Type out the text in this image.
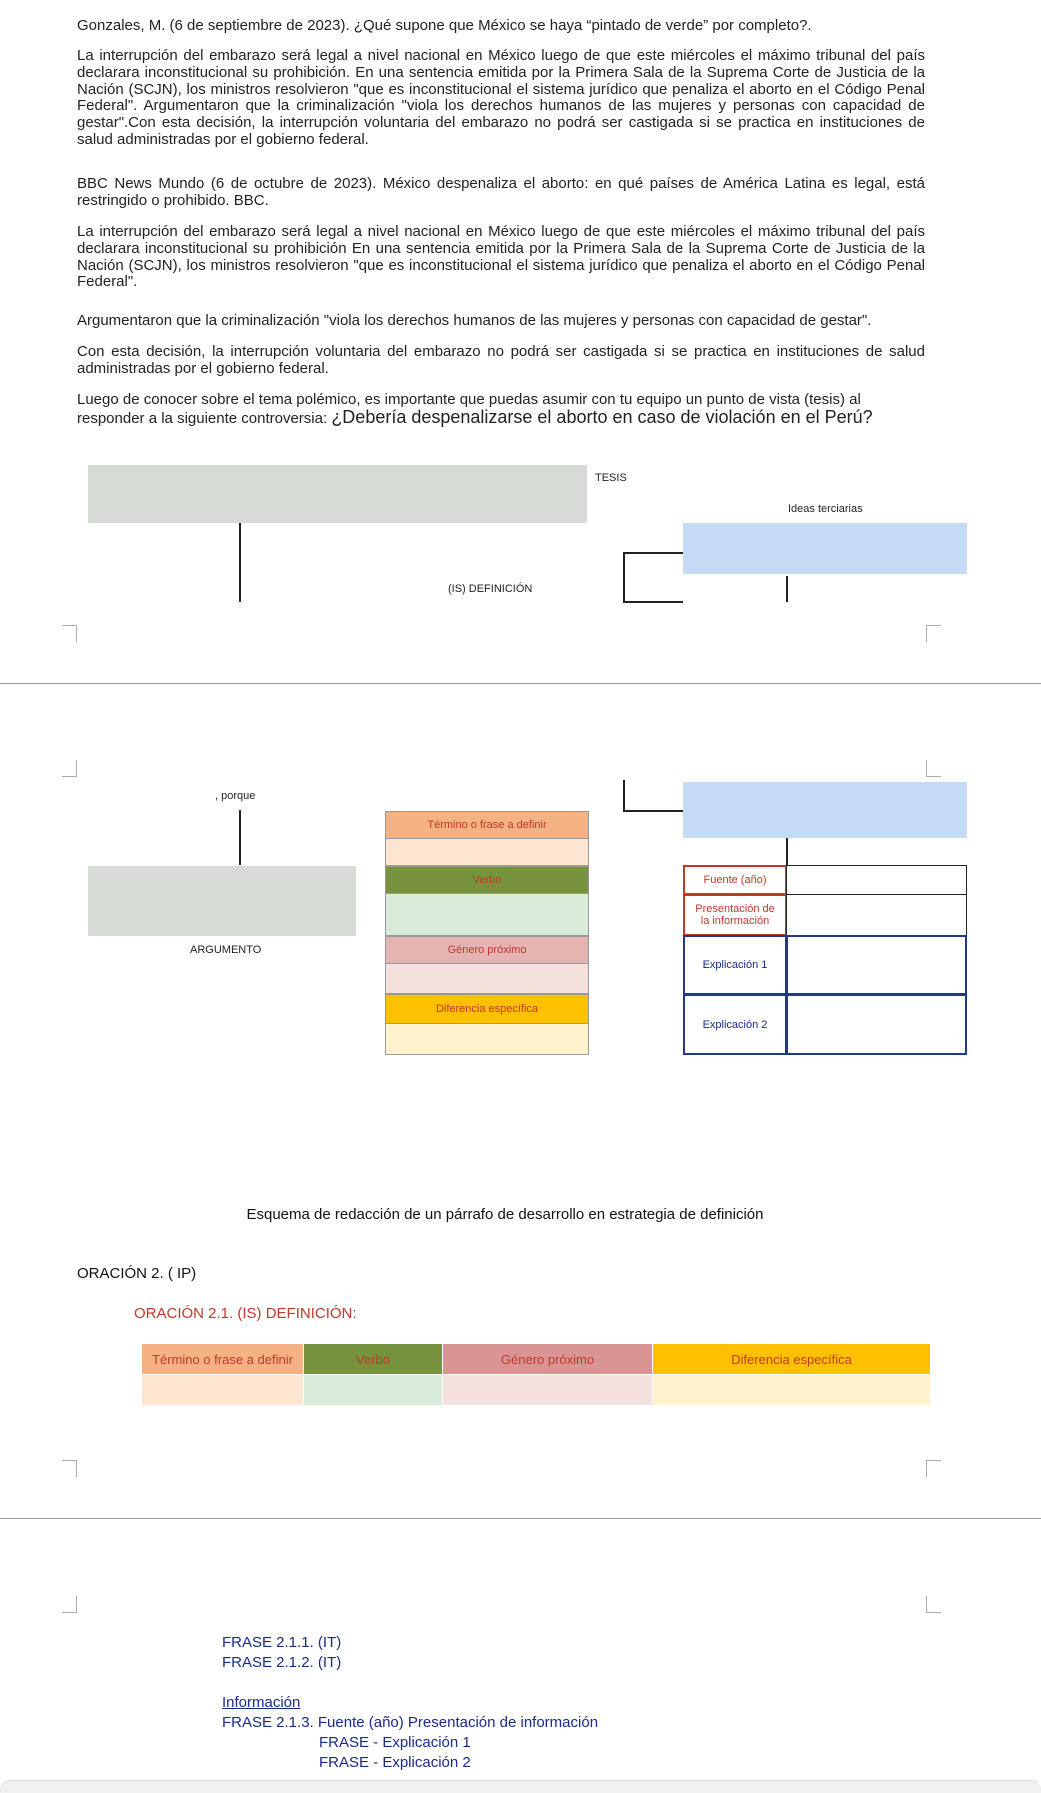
Gonzales, M. (6 de septiembre de 2023). ¿Qué supone que México se haya “pintado de verde” por completo?.
La interrupción del embarazo será legal a nivel nacional en México luego de que este miércoles el máximo tribunal del país declarara inconstitucional su prohibición. En una sentencia emitida por la Primera Sala de la Suprema Corte de Justicia de la Nación (SCJN), los ministros resolvieron "que es inconstitucional el sistema jurídico que penaliza el aborto en el Código Penal Federal". Argumentaron que la criminalización "viola los derechos humanos de las mujeres y personas con capacidad de gestar".Con esta decisión, la interrupción voluntaria del embarazo no podrá ser castigada si se practica en instituciones de salud administradas por el gobierno federal.
BBC News Mundo (6 de octubre de 2023). México despenaliza el aborto: en qué países de América Latina es legal, está restringido o prohibido. BBC.
La interrupción del embarazo será legal a nivel nacional en México luego de que este miércoles el máximo tribunal del país declarara inconstitucional su prohibición En una sentencia emitida por la Primera Sala de la Suprema Corte de Justicia de la Nación (SCJN), los ministros resolvieron "que es inconstitucional el sistema jurídico que penaliza el aborto en el Código Penal Federal".
Argumentaron que la criminalización "viola los derechos humanos de las mujeres y personas con capacidad de gestar".
Con esta decisión, la interrupción voluntaria del embarazo no podrá ser castigada si se practica en instituciones de salud administradas por el gobierno federal.
Luego de conocer sobre el tema polémico, es importante que puedas asumir con tu equipo un punto de vista (tesis) al
responder a la siguiente controversia: ¿Debería despenalizarse el aborto en caso de violación en el Perú?
TESIS
Ideas terciarias
(IS) DEFINICIÓN
, porque
ARGUMENTO
Término o frase a definir
Verbo
Género próximo
Diferencia específica
Fuente (año)
Presentación de la información
Explicación 1
Explicación 2
Esquema de redacción de un párrafo de desarrollo en estrategia de definición
ORACIÓN 2. ( IP)
ORACIÓN 2.1. (IS) DEFINICIÓN:
Término o frase a definir	Verbo	Género próximo	Diferencia específica
FRASE 2.1.1. (IT)
FRASE 2.1.2. (IT)
Información
FRASE 2.1.3. Fuente (año) Presentación de información
FRASE - Explicación 1
FRASE - Explicación 2
